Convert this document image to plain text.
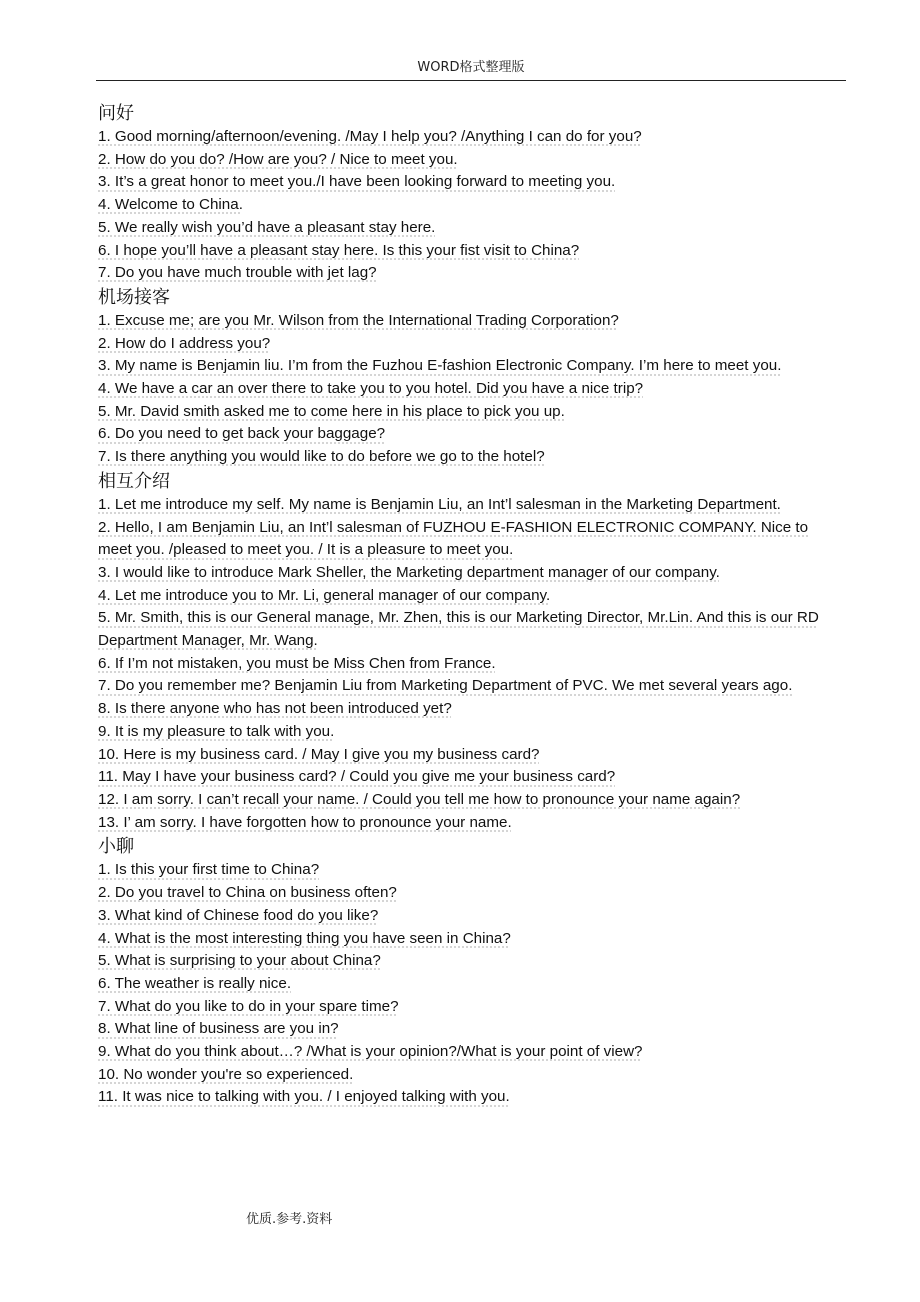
WORD格式整理版
问好
1. Good morning/afternoon/evening. /May I help you? /Anything I can do for you?
2. How do you do? /How are you? / Nice to meet you.
3. It’s a great honor to meet you./I have been looking forward to meeting you.
4. Welcome to China.
5. We really wish you’d have a pleasant stay here.
6. I hope you’ll have a pleasant stay here. Is this your fist visit to China?
7. Do you have much trouble with jet lag?
机场接客
1. Excuse me; are you Mr. Wilson from the International Trading Corporation?
2. How do I address you?
3. My name is Benjamin liu. I’m from the Fuzhou E-fashion Electronic Company. I’m here to meet you.
4. We have a car an over there to take you to you hotel. Did you have a nice trip?
5. Mr. David smith asked me to come here in his place to pick you up.
6. Do you need to get back your baggage?
7. Is there anything you would like to do before we go to the hotel?
相互介绍
1. Let me introduce my self. My name is Benjamin Liu, an Int’l salesman in the Marketing Department.
2. Hello, I am Benjamin Liu, an Int’l salesman of FUZHOU E-FASHION ELECTRONIC COMPANY. Nice to meet you. /pleased to meet you. / It is a pleasure to meet you.
3. I would like to introduce Mark Sheller, the Marketing department manager of our company.
4. Let me introduce you to Mr. Li, general manager of our company.
5. Mr. Smith, this is our General manage, Mr. Zhen, this is our Marketing Director, Mr.Lin. And this is our RD Department Manager, Mr. Wang.
6. If I’m not mistaken, you must be Miss Chen from France.
7. Do you remember me? Benjamin Liu from Marketing Department of PVC. We met several years ago.
8. Is there anyone who has not been introduced yet?
9. It is my pleasure to talk with you.
10. Here is my business card. / May I give you my business card?
11. May I have your business card? / Could you give me your business card?
12. I am sorry. I can’t recall your name. / Could you tell me how to pronounce your name again?
13. I’ am sorry. I have forgotten how to pronounce your name.
小聊
1. Is this your first time to China?
2. Do you travel to China on business often?
3. What kind of Chinese food do you like?
4. What is the most interesting thing you have seen in China?
5. What is surprising to your about China?
6. The weather is really nice.
7. What do you like to do in your spare time?
8. What line of business are you in?
9. What do you think about…? /What is your opinion?/What is your point of view?
10. No wonder you're so experienced.
11. It was nice to talking with you. / I enjoyed talking with you.
优质.参考.资料
